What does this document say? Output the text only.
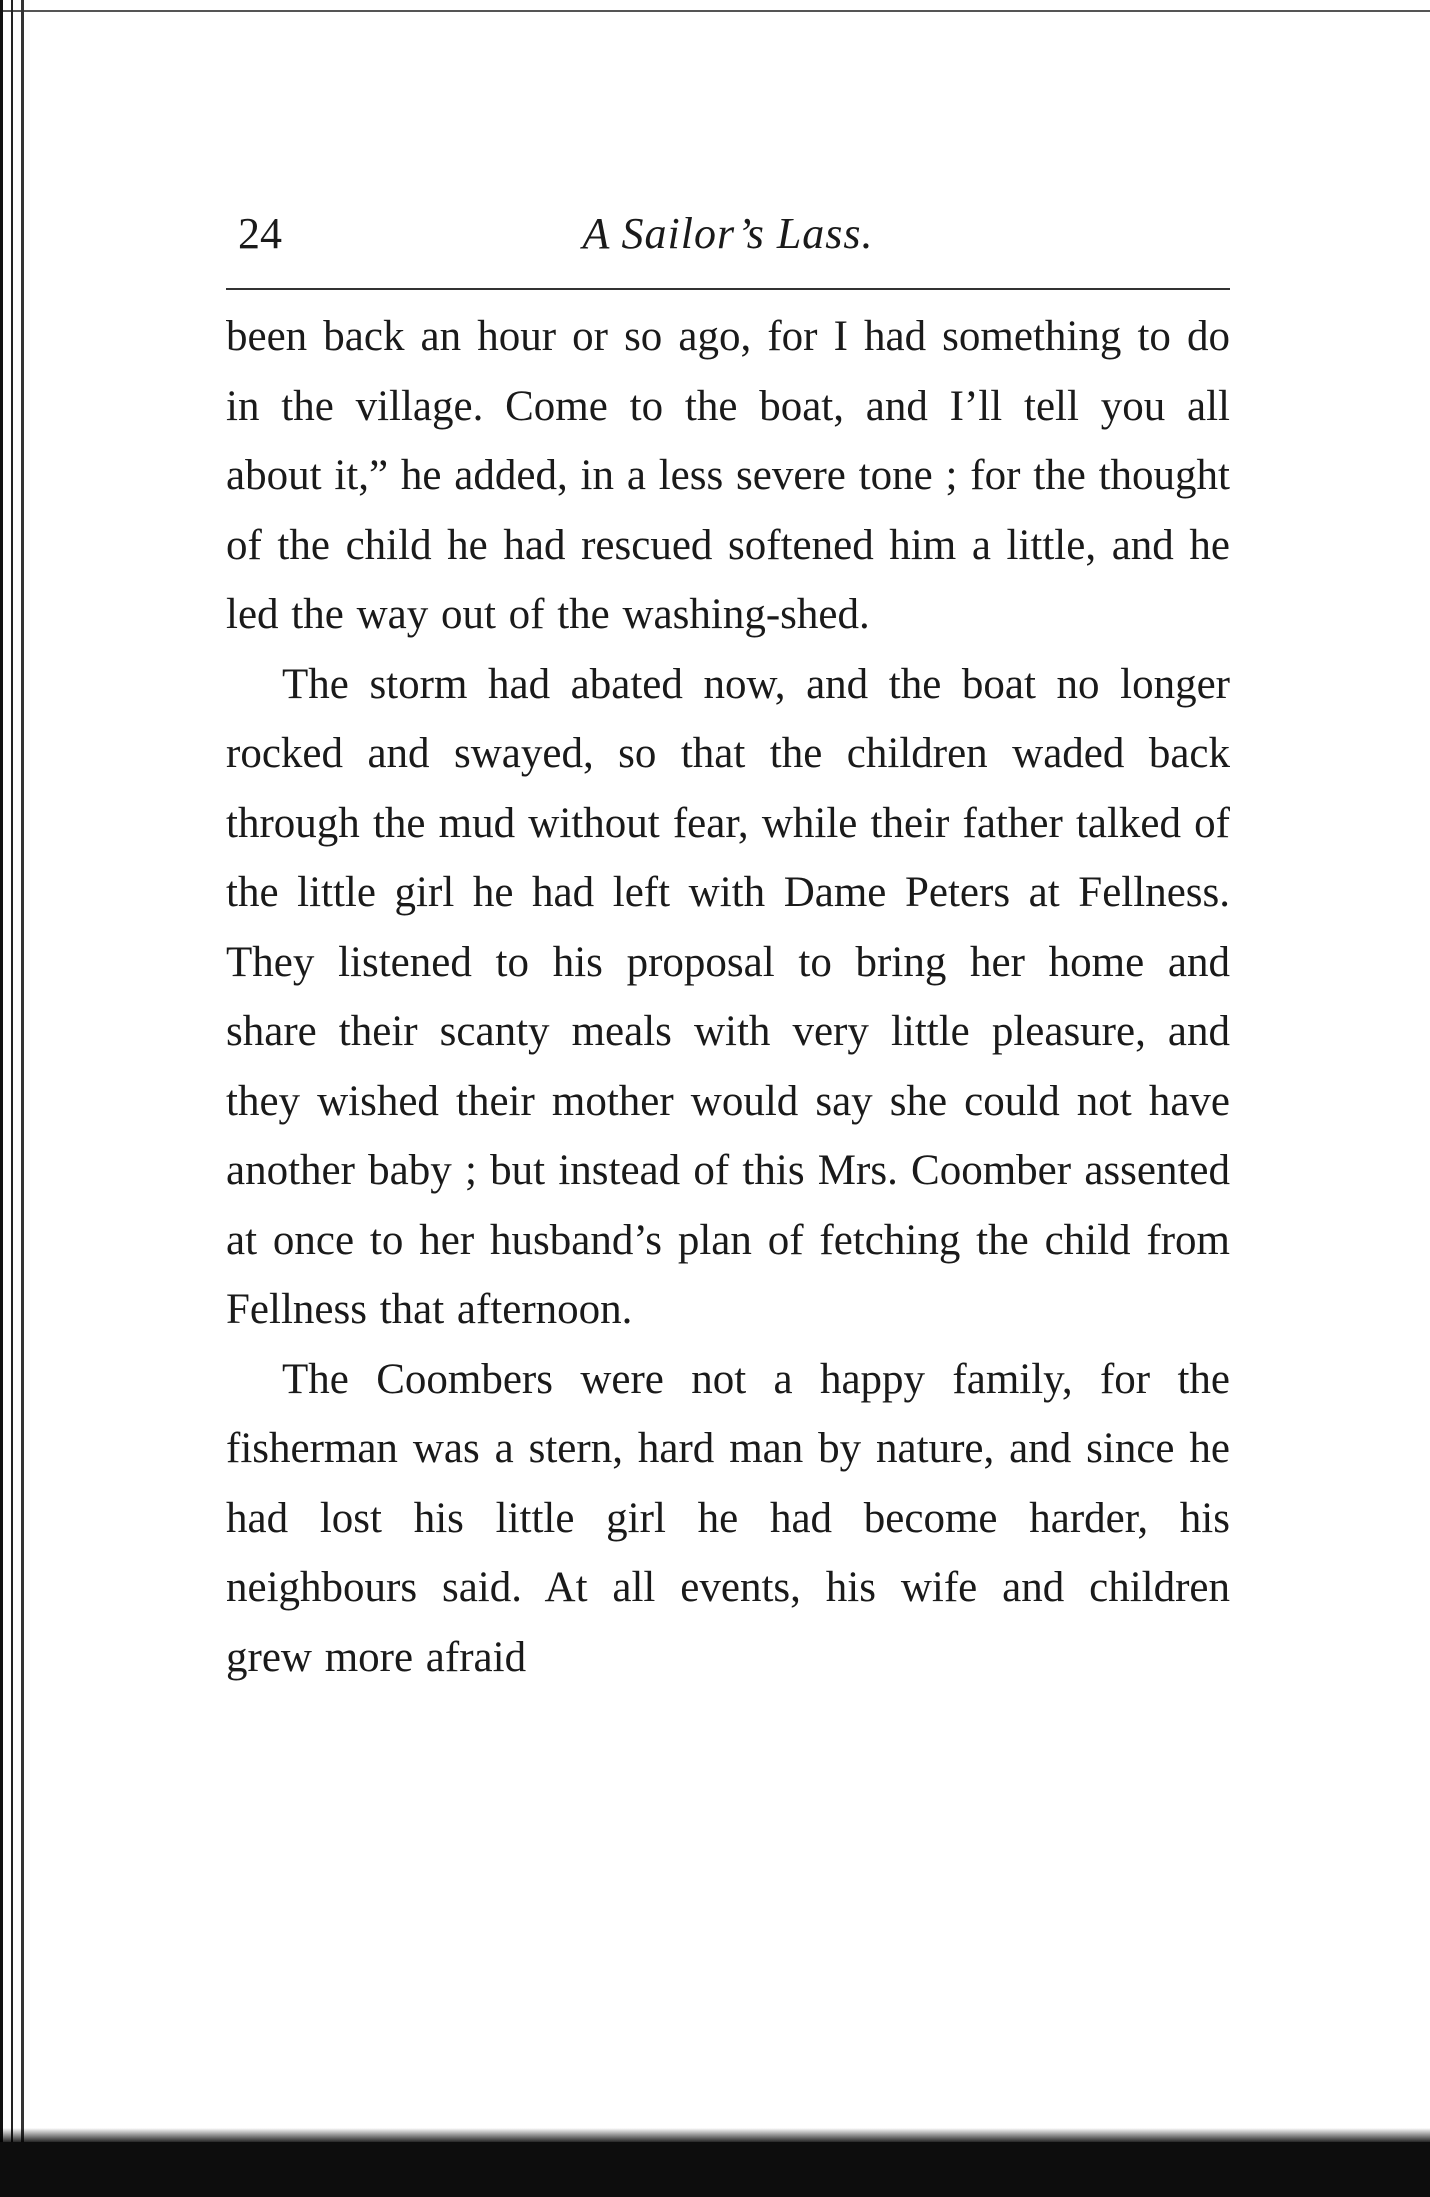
24	A Sailor’s Lass.

been back an hour or so ago, for I had something to do in the village. Come to the boat, and I’ll tell you all about it,” he added, in a less severe tone ; for the thought of the child he had rescued softened him a little, and he led the way out of the washing-shed.

The storm had abated now, and the boat no longer rocked and swayed, so that the children waded back through the mud without fear, while their father talked of the little girl he had left with Dame Peters at Fellness. They listened to his proposal to bring her home and share their scanty meals with very little pleasure, and they wished their mother would say she could not have another baby ; but instead of this Mrs. Coomber assented at once to her husband’s plan of fetching the child from Fellness that afternoon.

The Coombers were not a happy family, for the fisherman was a stern, hard man by nature, and since he had lost his little girl he had become harder, his neighbours said. At all events, his wife and children grew more afraid
